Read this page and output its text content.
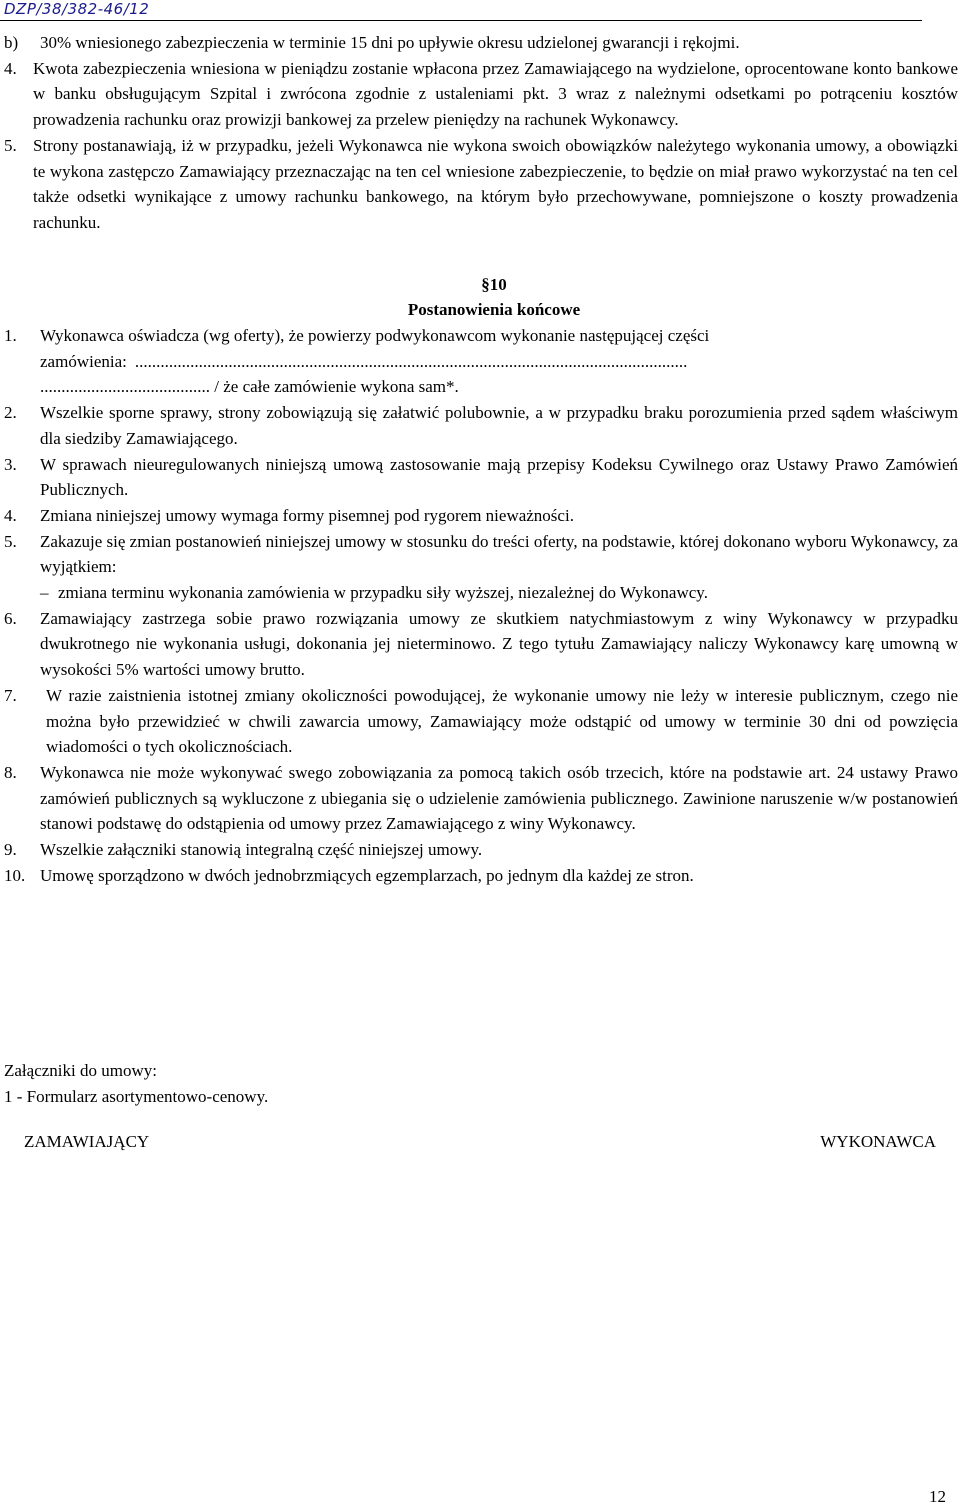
DZP/38/382-46/12

b) 30% wniesionego zabezpieczenia w terminie 15 dni po upływie okresu udzielonej gwarancji i rękojmi.

4. Kwota zabezpieczenia wniesiona w pieniądzu zostanie wpłacona przez Zamawiającego na wydzielone, oprocentowane konto bankowe w banku obsługującym Szpital i zwrócona zgodnie z ustaleniami pkt. 3 wraz z należnymi odsetkami po potrąceniu kosztów prowadzenia rachunku oraz prowizji bankowej za przelew pieniędzy na rachunek Wykonawcy.

5. Strony postanawiają, iż w przypadku, jeżeli Wykonawca nie wykona swoich obowiązków należytego wykonania umowy, a obowiązki te wykona zastępczo Zamawiający przeznaczając na ten cel wniesione zabezpieczenie, to będzie on miał prawo wykorzystać na ten cel także odsetki wynikające z umowy rachunku bankowego, na którym było przechowywane, pomniejszone o koszty prowadzenia rachunku.

§10

Postanowienia końcowe

1. Wykonawca oświadcza (wg oferty), że powierzy podwykonawcom wykonanie następującej części
zamówienia: ..................................................................................................................................
........................................ / że całe zamówienie wykona sam*.
2. Wszelkie sporne sprawy, strony zobowiązują się załatwić polubownie, a w przypadku braku porozumienia przed sądem właściwym dla siedziby Zamawiającego.
3. W sprawach nieuregulowanych niniejszą umową zastosowanie mają przepisy Kodeksu Cywilnego oraz Ustawy Prawo Zamówień Publicznych.
4. Zmiana niniejszej umowy wymaga formy pisemnej pod rygorem nieważności.
5. Zakazuje się zmian postanowień niniejszej umowy w stosunku do treści oferty, na podstawie, której dokonano wyboru Wykonawcy, za wyjątkiem:
– zmiana terminu wykonania zamówienia w przypadku siły wyższej, niezależnej do Wykonawcy.
6. Zamawiający zastrzega sobie prawo rozwiązania umowy ze skutkiem natychmiastowym z winy Wykonawcy w przypadku dwukrotnego nie wykonania usługi, dokonania jej nieterminowo. Z tego tytułu Zamawiający naliczy Wykonawcy karę umowną w wysokości 5% wartości umowy brutto.
7.	W razie zaistnienia istotnej zmiany okoliczności powodującej, że wykonanie umowy nie leży w interesie publicznym, czego nie można było przewidzieć w chwili zawarcia umowy, Zamawiający może odstąpić od umowy w terminie 30 dni od powzięcia wiadomości o tych okolicznościach.
8. Wykonawca nie może wykonywać swego zobowiązania za pomocą takich osób trzecich, które na podstawie art. 24 ustawy Prawo zamówień publicznych są wykluczone z ubiegania się o udzielenie zamówienia publicznego. Zawinione naruszenie w/w postanowień stanowi podstawę do odstąpienia od umowy przez Zamawiającego z winy Wykonawcy.
9. Wszelkie załączniki stanowią integralną część niniejszej umowy.
10. Umowę sporządzono w dwóch jednobrzmiących egzemplarzach, po jednym dla każdej ze stron.
Załączniki do umowy:
1 - Formularz asortymentowo-cenowy.
ZAMAWIAJĄCY	WYKONAWCA
12
